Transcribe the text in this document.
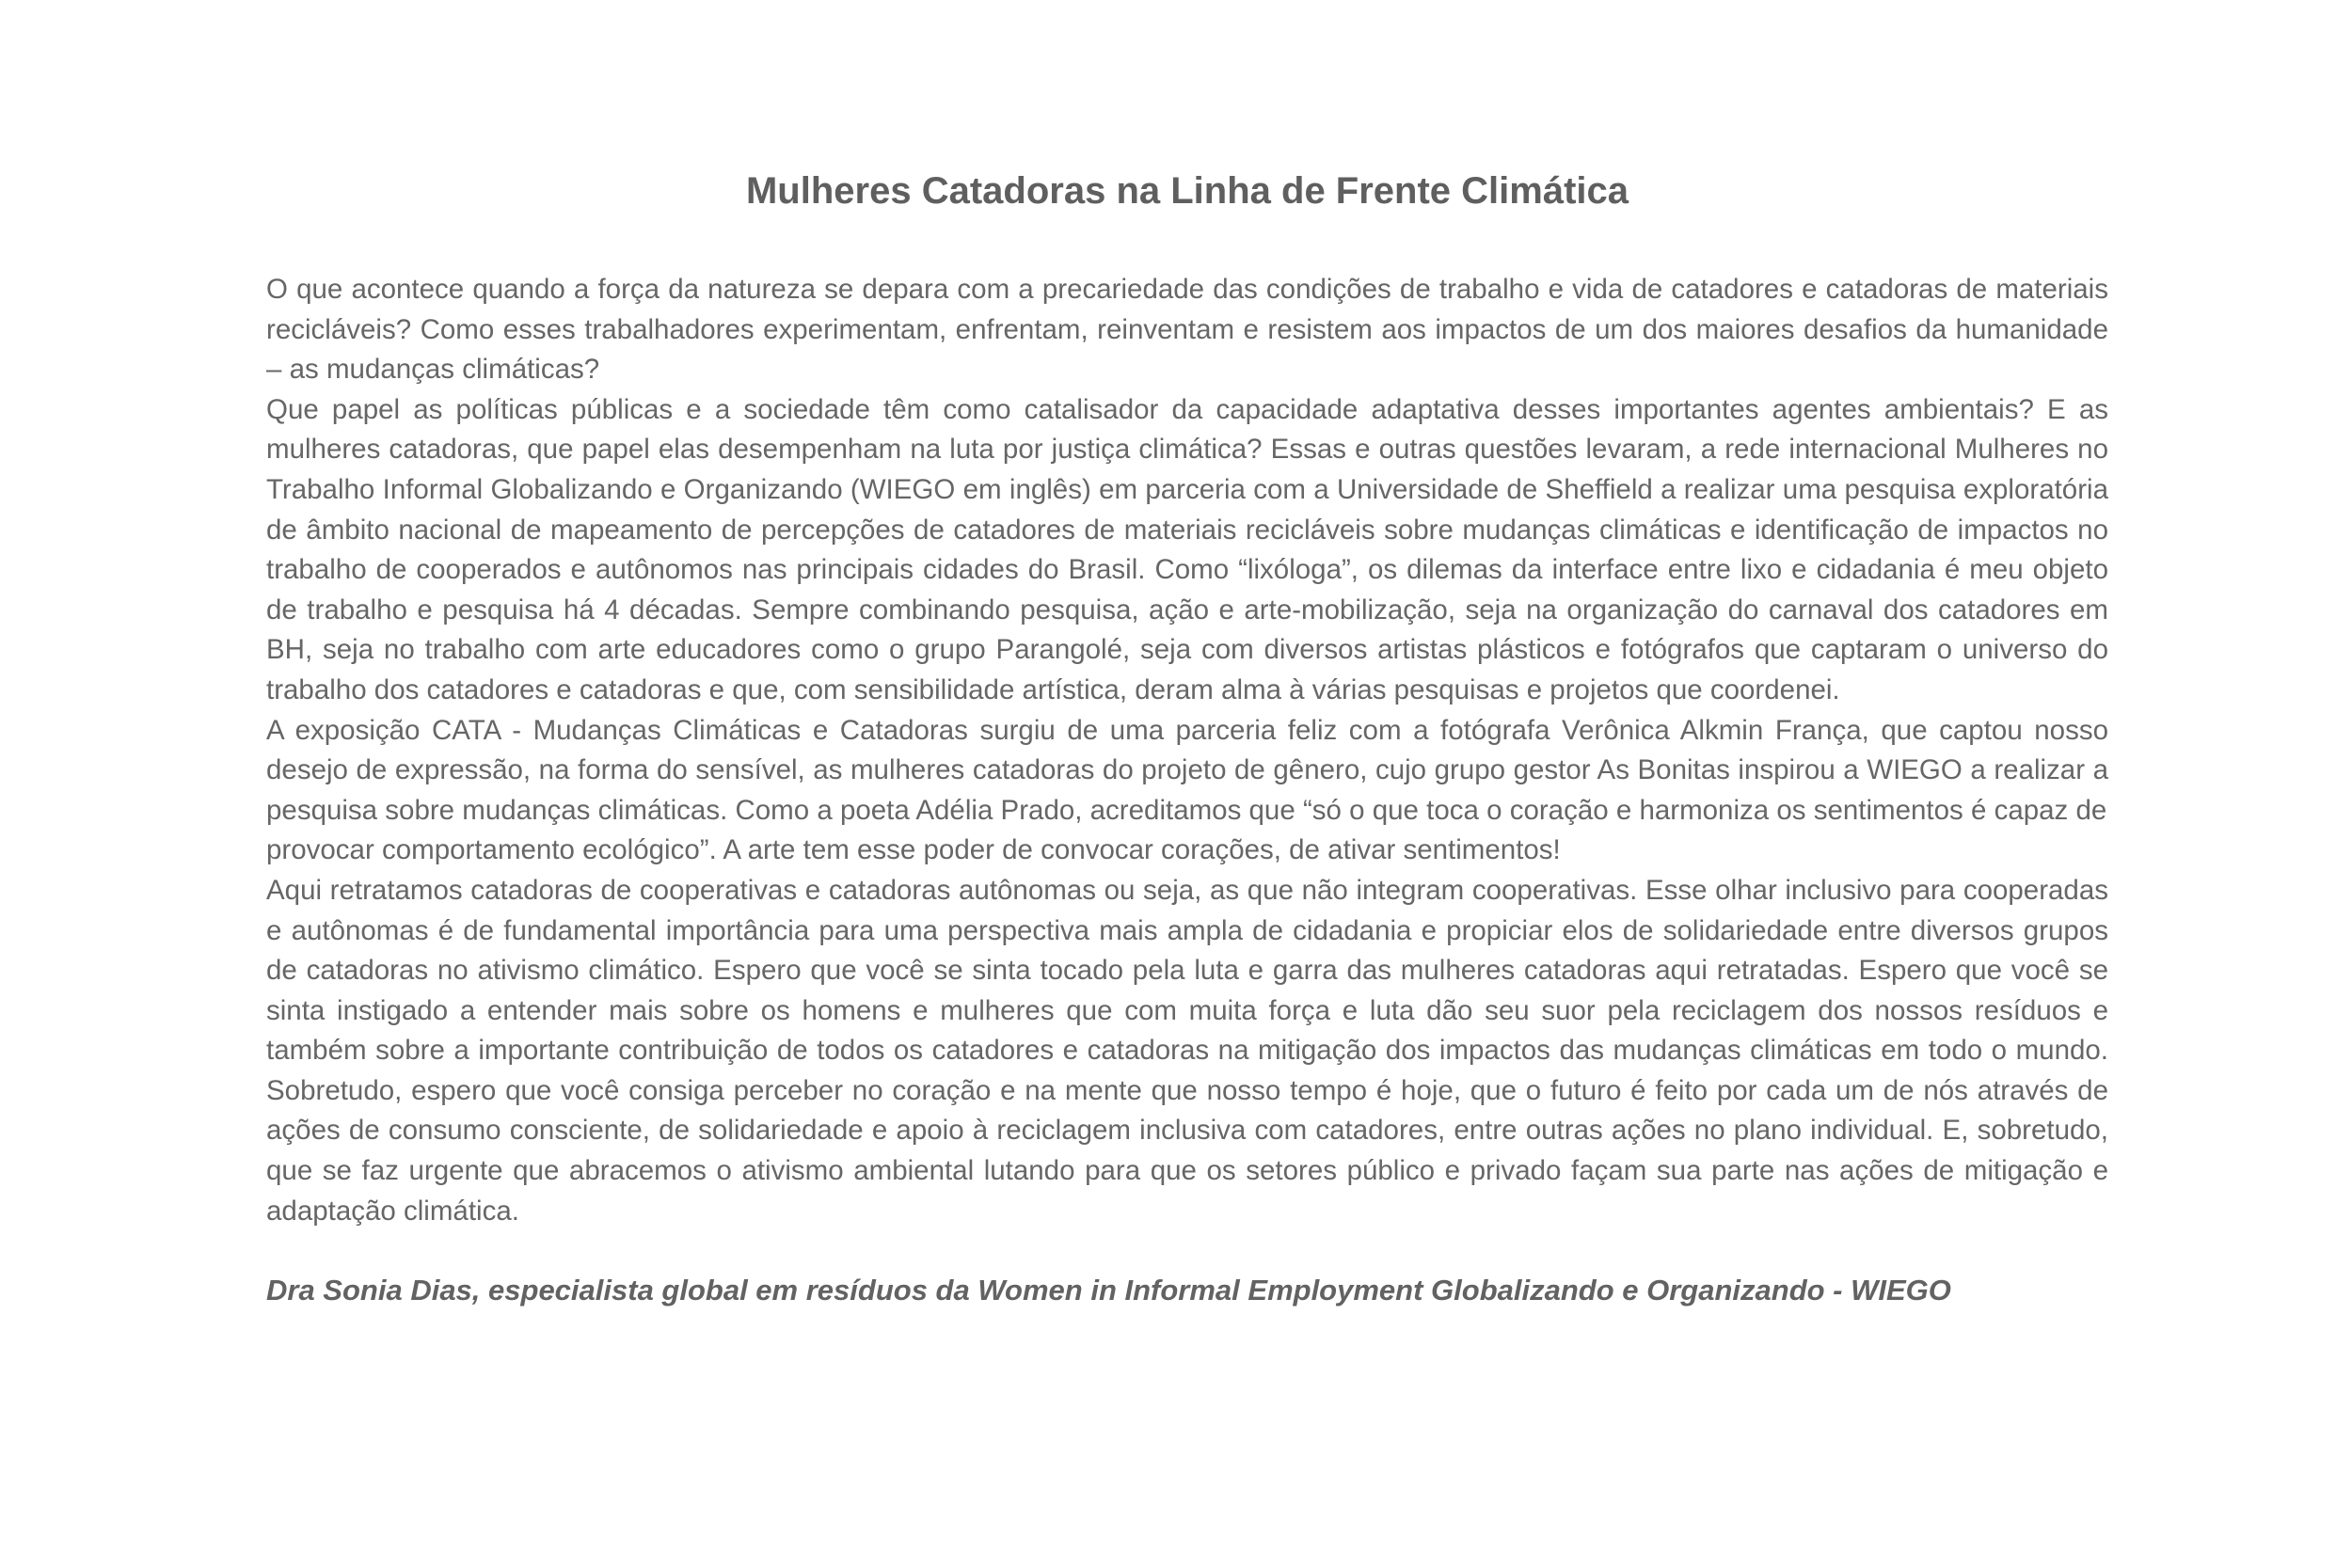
Mulheres Catadoras na Linha de Frente Climática

O que acontece quando a força da natureza se depara com a precariedade das condições de trabalho e vida de catadores e catadoras de materiais recicláveis? Como esses trabalhadores experimentam, enfrentam, reinventam e resistem aos impactos de um dos maiores desafios da humanidade – as mudanças climáticas?

Que papel as políticas públicas e a sociedade têm como catalisador da capacidade adaptativa desses importantes agentes ambientais? E as mulheres catadoras, que papel elas desempenham na luta por justiça climática? Essas e outras questões levaram, a rede internacional Mulheres no Trabalho Informal Globalizando e Organizando (WIEGO em inglês) em parceria com a Universidade de Sheffield a realizar uma pesquisa exploratória de âmbito nacional de mapeamento de percepções de catadores de materiais recicláveis sobre mudanças climáticas e identificação de impactos no trabalho de cooperados e autônomos nas principais cidades do Brasil. Como “lixóloga”, os dilemas da interface entre lixo e cidadania é meu objeto de trabalho e pesquisa há 4 décadas. Sempre combinando pesquisa, ação e arte-mobilização, seja na organização do carnaval dos catadores em BH, seja no trabalho com arte educadores como o grupo Parangolé, seja com diversos artistas plásticos e fotógrafos que captaram o universo do trabalho dos catadores e catadoras e que, com sensibilidade artística, deram alma à várias pesquisas e projetos que coordenei.

A exposição CATA - Mudanças Climáticas e Catadoras surgiu de uma parceria feliz com a fotógrafa Verônica Alkmin França, que captou nosso desejo de expressão, na forma do sensível, as mulheres catadoras do projeto de gênero, cujo grupo gestor As Bonitas inspirou a WIEGO a realizar a pesquisa sobre mudanças climáticas. Como a poeta Adélia Prado, acreditamos que “só o que toca o coração e harmoniza os sentimentos é capaz de

provocar comportamento ecológico”. A arte tem esse poder de convocar corações, de ativar sentimentos!

Aqui retratamos catadoras de cooperativas e catadoras autônomas ou seja, as que não integram cooperativas. Esse olhar inclusivo para cooperadas e autônomas é de fundamental importância para uma perspectiva mais ampla de cidadania e propiciar elos de solidariedade entre diversos grupos de catadoras no ativismo climático. Espero que você se sinta tocado pela luta e garra das mulheres catadoras aqui retratadas. Espero que você se sinta instigado a entender mais sobre os homens e mulheres que com muita força e luta dão seu suor pela reciclagem dos nossos resíduos e também sobre a importante contribuição de todos os catadores e catadoras na mitigação dos impactos das mudanças climáticas em todo o mundo. Sobretudo, espero que você consiga perceber no coração e na mente que nosso tempo é hoje, que o futuro é feito por cada um de nós através de ações de consumo consciente, de solidariedade e apoio à reciclagem inclusiva com catadores, entre outras ações no plano individual. E, sobretudo, que se faz urgente que abracemos o ativismo ambiental lutando para que os setores público e privado façam sua parte nas ações de mitigação e adaptação climática.

Dra Sonia Dias, especialista global em resíduos da Women in Informal Employment Globalizando e Organizando - WIEGO
